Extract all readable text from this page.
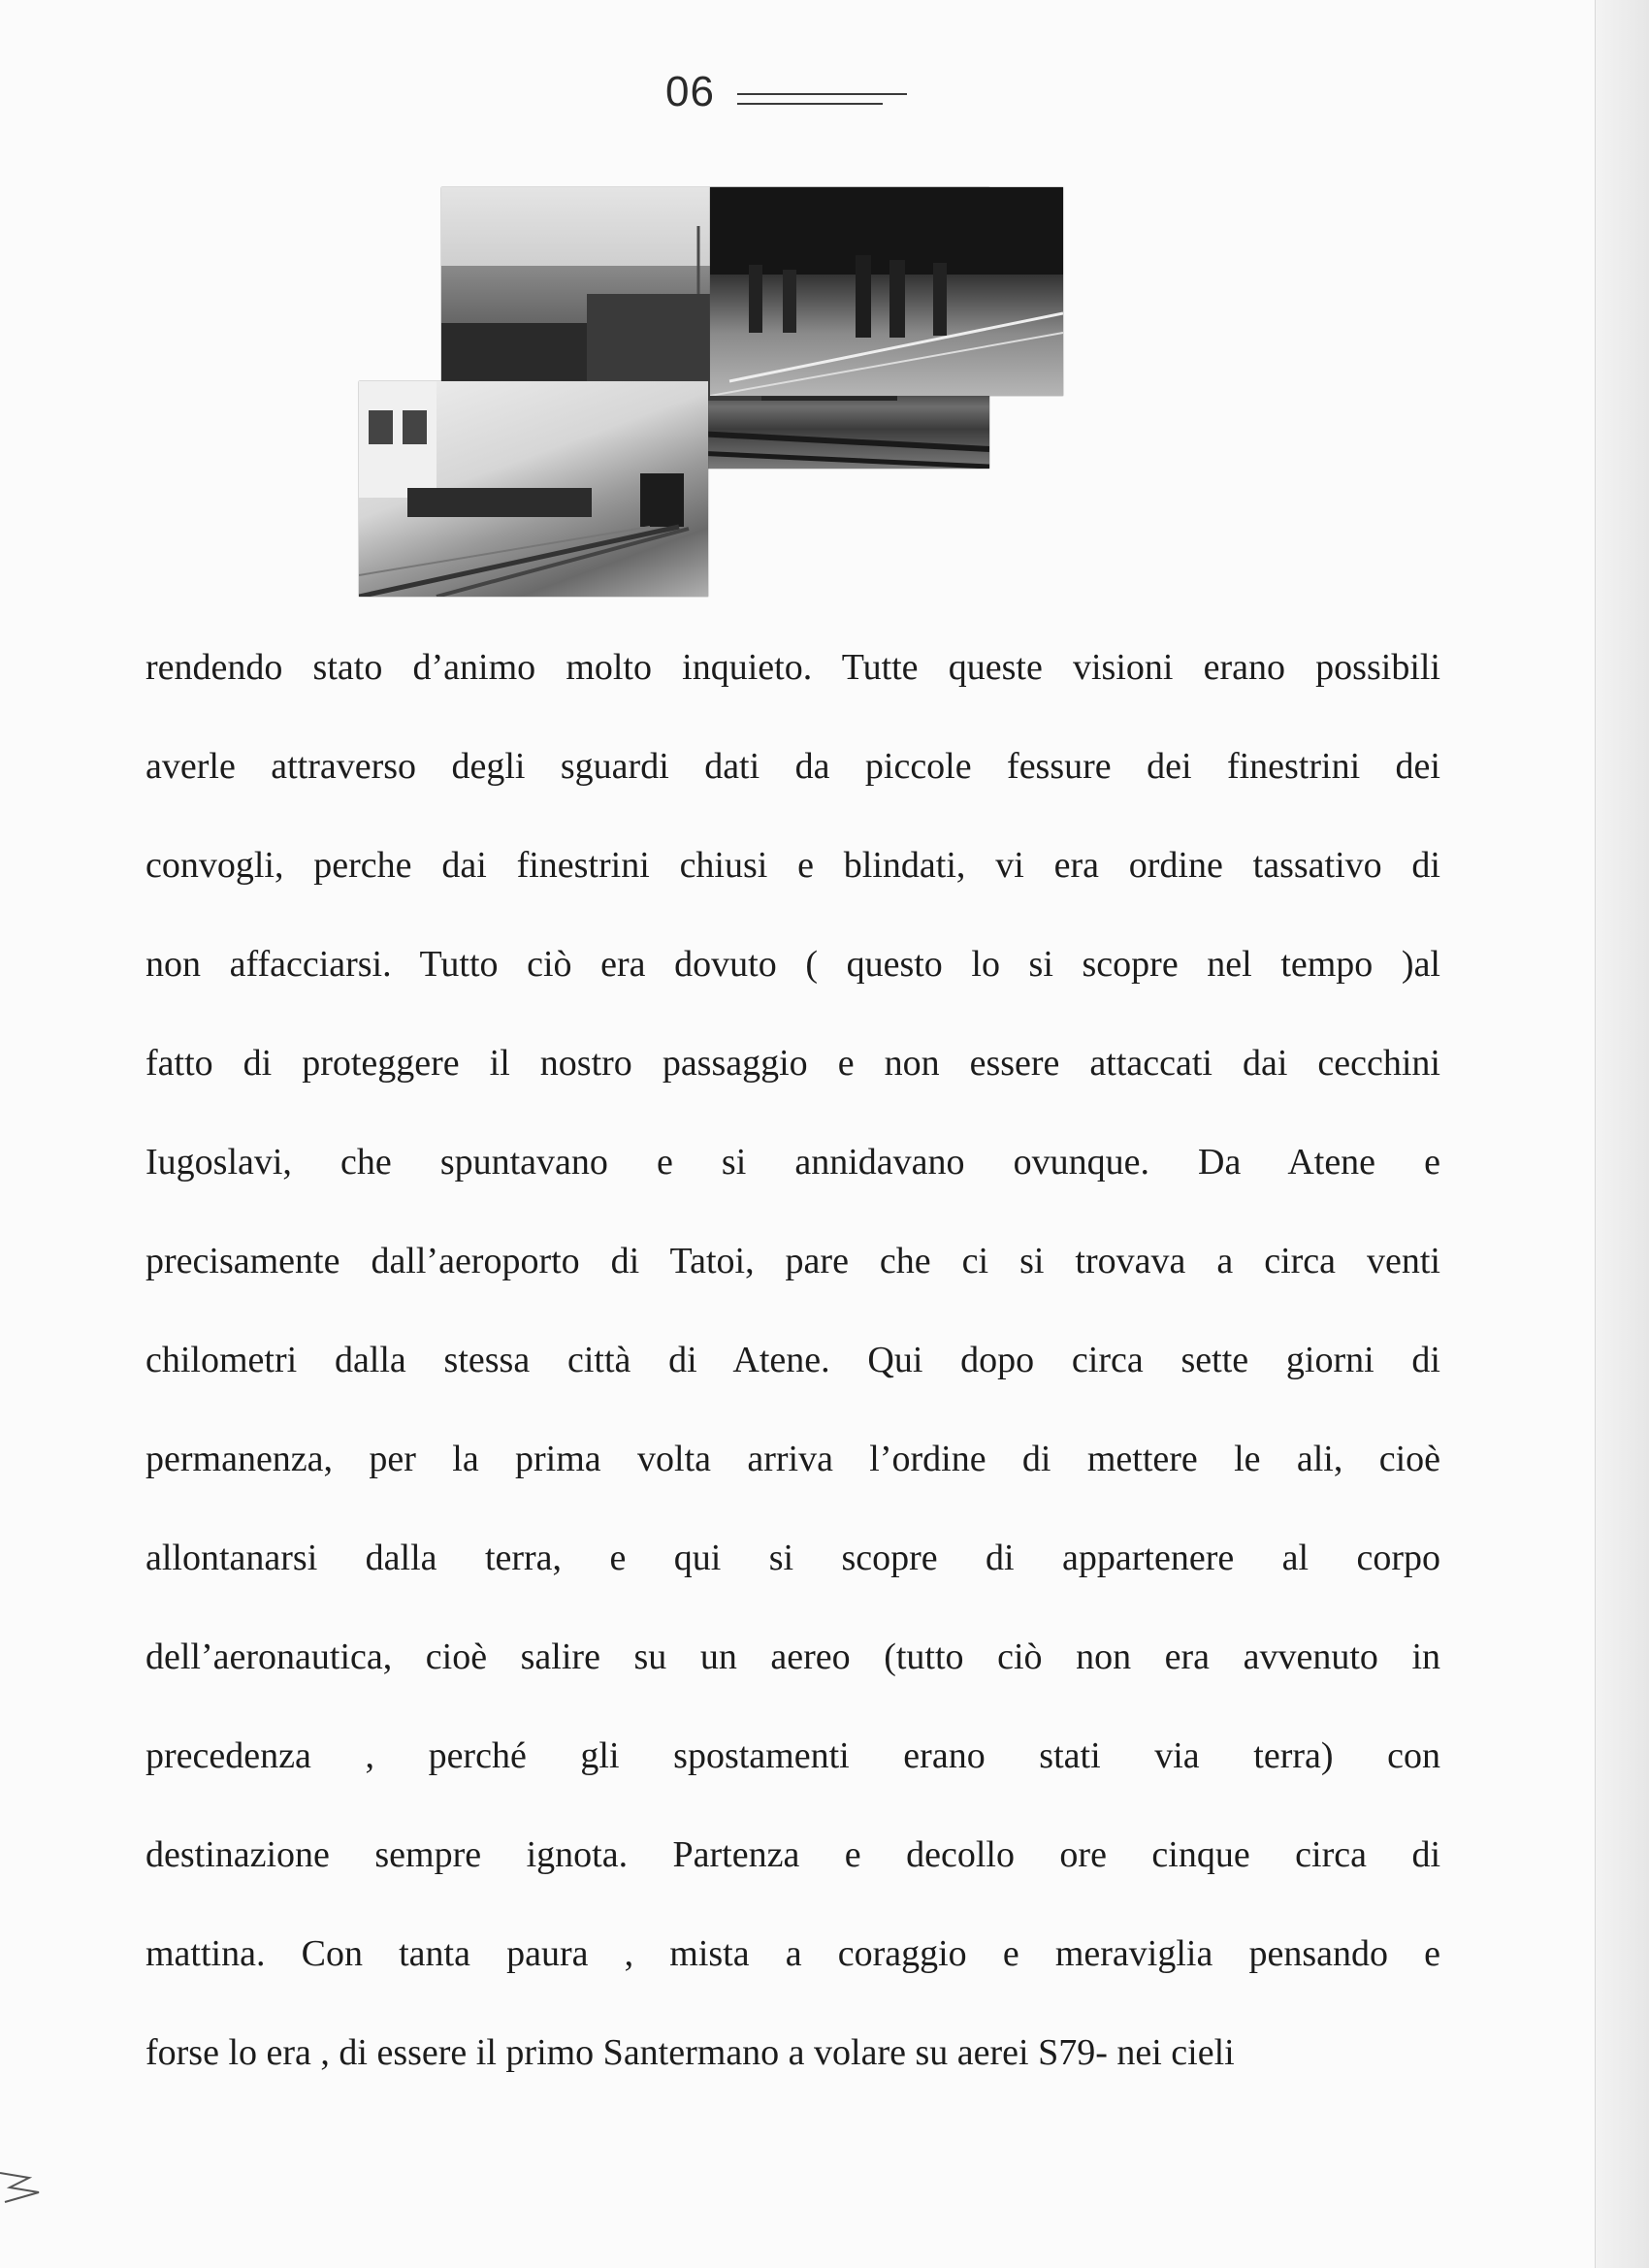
06
rendendo stato d’animo molto inquieto. Tutte queste visioni erano possibili
averle attraverso degli sguardi dati da piccole fessure dei finestrini dei
convogli, perche dai finestrini chiusi e blindati, vi era ordine tassativo di
non affacciarsi. Tutto ciò era dovuto ( questo lo si scopre nel tempo )al
fatto di proteggere il nostro passaggio e non essere attaccati dai cecchini
Iugoslavi, che spuntavano e si annidavano ovunque. Da Atene e
precisamente dall’aeroporto di Tatoi, pare che ci si trovava a circa venti
chilometri dalla stessa città di Atene. Qui dopo circa sette giorni di
permanenza, per la prima volta arriva l’ordine di mettere le ali, cioè
allontanarsi dalla terra, e qui si scopre di appartenere al corpo
dell’aeronautica, cioè salire su un aereo (tutto ciò non era avvenuto in
precedenza , perché gli spostamenti erano stati via terra) con
destinazione sempre ignota. Partenza e decollo ore cinque circa di
mattina. Con tanta paura , mista a coraggio e meraviglia pensando e
forse lo era , di essere il primo Santermano a volare su aerei S79- nei cieli
